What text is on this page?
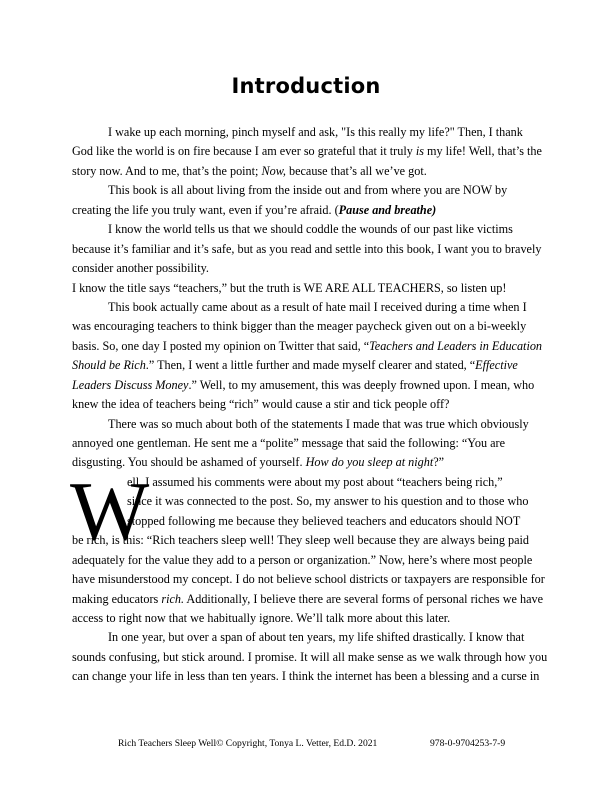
Introduction
W
I wake up each morning, pinch myself and ask, "Is this really my life?" Then, I thank
God like the world is on fire because I am ever so grateful that it truly is my life! Well, that’s the
story now. And to me, that’s the point; Now, because that’s all we’ve got.
This book is all about living from the inside out and from where you are NOW by
creating the life you truly want, even if you’re afraid. (Pause and breathe)
I know the world tells us that we should coddle the wounds of our past like victims
because it’s familiar and it’s safe, but as you read and settle into this book, I want you to bravely
consider another possibility.
I know the title says “teachers,” but the truth is WE ARE ALL TEACHERS, so listen up!
This book actually came about as a result of hate mail I received during a time when I
was encouraging teachers to think bigger than the meager paycheck given out on a bi-weekly
basis. So, one day I posted my opinion on Twitter that said, “Teachers and Leaders in Education
Should be Rich.” Then, I went a little further and made myself clearer and stated, “Effective
Leaders Discuss Money.” Well, to my amusement, this was deeply frowned upon. I mean, who
knew the idea of teachers being “rich” would cause a stir and tick people off?
There was so much about both of the statements I made that was true which obviously
annoyed one gentleman. He sent me a “polite” message that said the following: “You are
disgusting. You should be ashamed of yourself. How do you sleep at night?”
ell, I assumed his comments were about my post about “teachers being rich,”
since it was connected to the post. So, my answer to his question and to those who
stopped following me because they believed teachers and educators should NOT
be rich, is this: “Rich teachers sleep well! They sleep well because they are always being paid
adequately for the value they add to a person or organization.” Now, here’s where most people
have misunderstood my concept. I do not believe school districts or taxpayers are responsible for
making educators rich. Additionally, I believe there are several forms of personal riches we have
access to right now that we habitually ignore. We’ll talk more about this later.
In one year, but over a span of about ten years, my life shifted drastically. I know that
sounds confusing, but stick around. I promise. It will all make sense as we walk through how you
can change your life in less than ten years. I think the internet has been a blessing and a curse in
Rich Teachers Sleep Well© Copyright, Tonya L. Vetter, Ed.D. 2021	978-0-9704253-7-9
